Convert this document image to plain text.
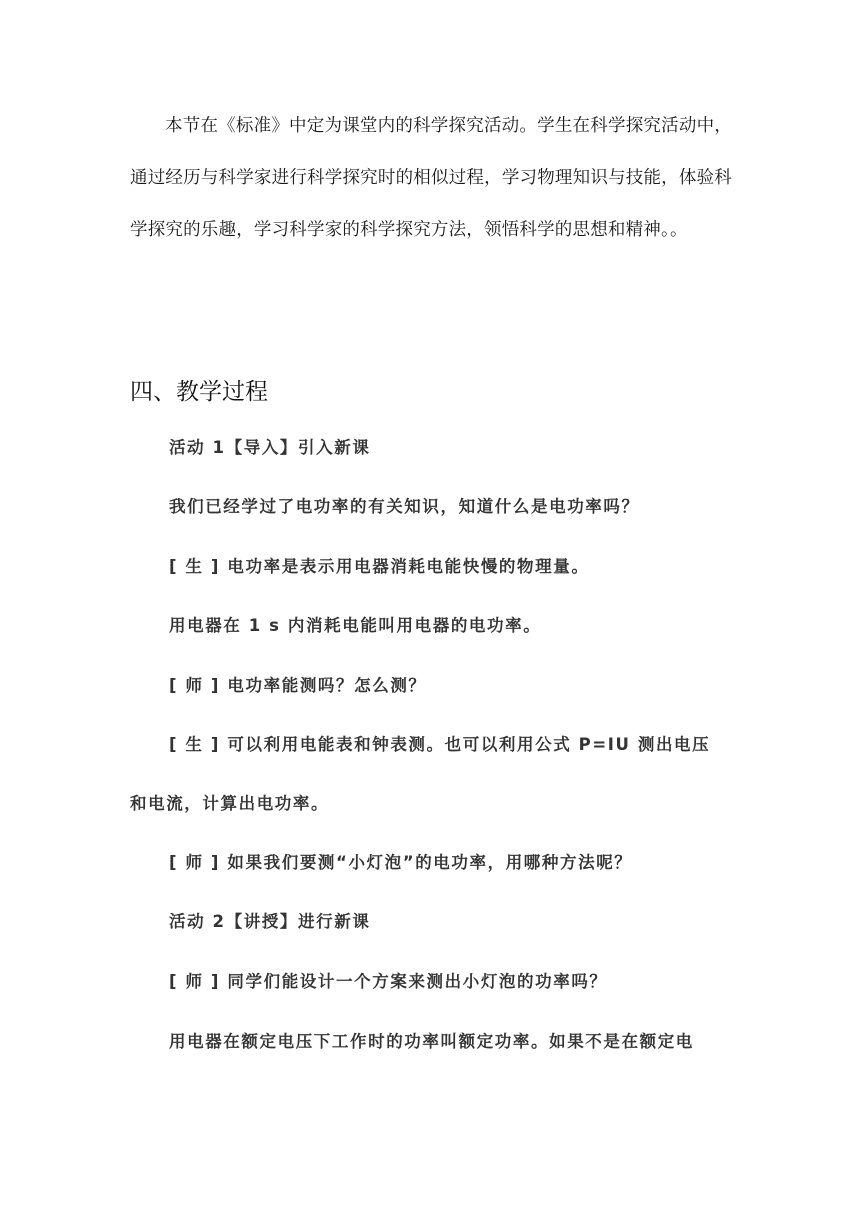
本节在《标准》中定为课堂内的科学探究活动。学生在科学探究活动中，通过经历与科学家进行科学探究时的相似过程，学习物理知识与技能，体验科学探究的乐趣，学习科学家的科学探究方法，领悟科学的思想和精神。。

四、教学过程

活动 1【导入】引入新课

我们已经学过了电功率的有关知识，知道什么是电功率吗？

[ 生 ] 电功率是表示用电器消耗电能快慢的物理量。

用电器在 1 s 内消耗电能叫用电器的电功率。

[ 师 ] 电功率能测吗？怎么测？

[ 生 ] 可以利用电能表和钟表测。也可以利用公式 P=IU 测出电压

和电流，计算出电功率。

[ 师 ] 如果我们要测“小灯泡”的电功率，用哪种方法呢？

活动 2【讲授】进行新课

[ 师 ] 同学们能设计一个方案来测出小灯泡的功率吗？

用电器在额定电压下工作时的功率叫额定功率。如果不是在额定电
